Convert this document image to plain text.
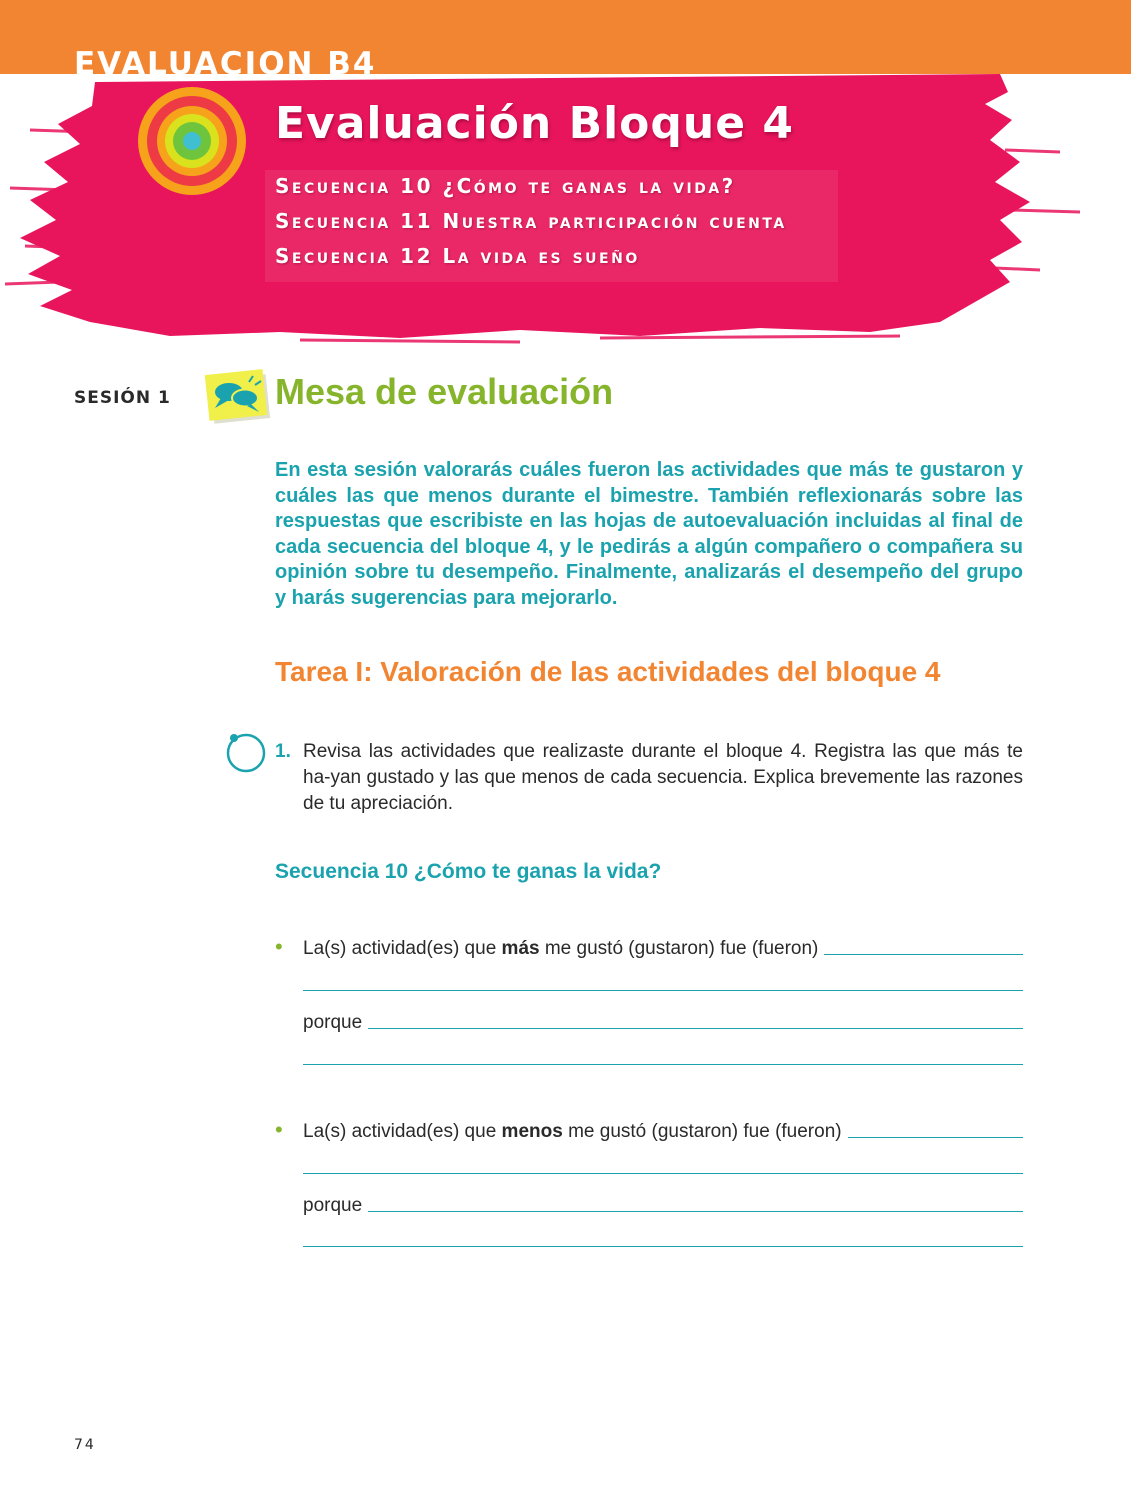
EVALUACION B4
Evaluación Bloque 4
Secuencia 10 ¿Cómo te ganas la vida?
Secuencia 11 Nuestra participación cuenta
Secuencia 12 La vida es sueño
SESIÓN 1	Mesa de evaluación

En esta sesión valorarás cuáles fueron las actividades que más te gustaron y cuáles las que menos durante el bimestre. También reflexionarás sobre las respuestas que escribiste en las hojas de autoevaluación incluidas al final de cada secuencia del bloque 4, y le pedirás a algún compañero o compañera su opinión sobre tu desempeño. Finalmente, analizarás el desempeño del grupo y harás sugerencias para mejorarlo.

Tarea I: Valoración de las actividades del bloque 4
1. Revisa las actividades que realizaste durante el bloque 4. Registra las que más te ha-yan gustado y las que menos de cada secuencia. Explica brevemente las razones de tu apreciación.

Secuencia 10 ¿Cómo te ganas la vida?
• La(s) actividad(es) que más me gustó (gustaron) fue (fueron)
porque
• La(s) actividad(es) que menos me gustó (gustaron) fue (fueron)
porque
74
